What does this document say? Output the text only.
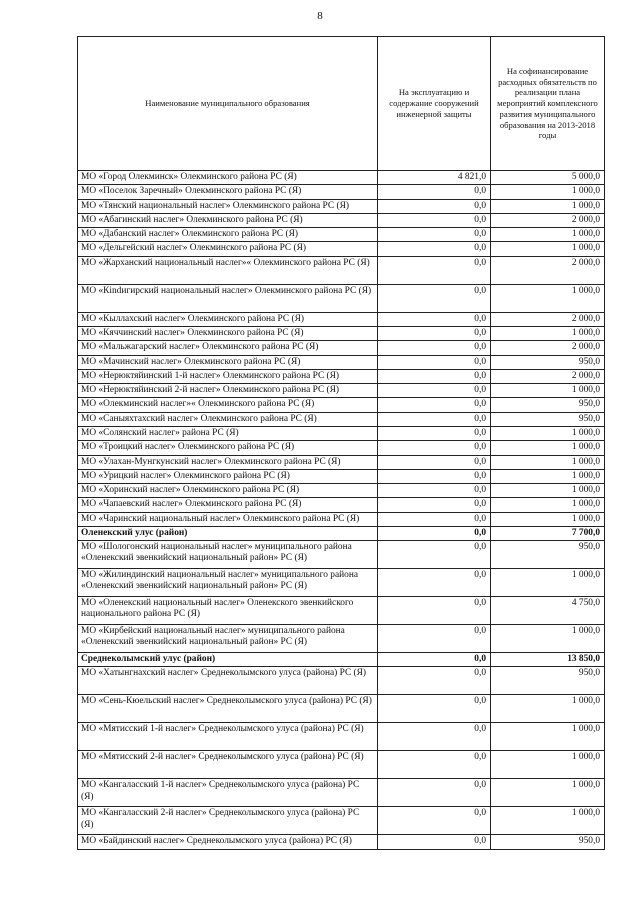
8
Наименование муниципального образования	На эксплуатацию и содержание сооружений инженерной защиты	На софинансирование расходных обязательств по реализации плана мероприятий комплексного развития муниципального образования на 2013-2018 годы
МО «Город Олекминск» Олекминского района РС (Я)	4 821,0	5 000,0
МО «Поселок Заречный» Олекминского района РС (Я)	0,0	1 000,0
МО «Тянский национальный наслег» Олекминского района РС (Я)	0,0	1 000,0
МО «Абагинский наслег» Олекминского района РС (Я)	0,0	2 000,0
МО «Дабанский наслег» Олекминского района РС (Я)	0,0	1 000,0
МО «Дельгейский наслег» Олекминского района РС (Я)	0,0	1 000,0
МО «Жарханский национальный наслег»« Олекминского района РС (Я)	0,0	2 000,0
МО «Кindигирский национальный наслег» Олекминского района РС (Я)	0,0	1 000,0
МО «Кыллахский наслег» Олекминского района РС (Я)	0,0	2 000,0
МО «Кяччинский наслег» Олекминского района РС (Я)	0,0	1 000,0
МО «Мальжагарский наслег» Олекминского района РС (Я)	0,0	2 000,0
МО «Мачинский наслег» Олекминского района РС (Я)	0,0	950,0
МО «Нерюктяйинский 1-й наслег» Олекминского района РС (Я)	0,0	2 000,0
МО «Нерюктяйинский 2-й наслег» Олекминского района РС (Я)	0,0	1 000,0
МО «Олекминский наслег»« Олекминского района РС (Я)	0,0	950,0
МО «Саныяхтахский наслег» Олекминского района РС (Я)	0,0	950,0
МО «Солянский наслег» района РС (Я)	0,0	1 000,0
МО «Троицкий наслег» Олекминского района РС (Я)	0,0	1 000,0
МО «Улахан-Мунгкунский наслег» Олекминского района РС (Я)	0,0	1 000,0
МО «Урицкий наслег» Олекминского района РС (Я)	0,0	1 000,0
МО «Хоринский наслег» Олекминского района РС (Я)	0,0	1 000,0
МО «Чапаевский наслег» Олекминского района РС (Я)	0,0	1 000,0
МО «Чаринский национальный наслег» Олекминского района РС (Я)	0,0	1 000,0
Оленекский улус (район)	0,0	7 700,0
МО «Шологонский национальный наслег» муниципального района «Оленекский эвенкийский национальный район» РС (Я)	0,0	950,0
МО «Жилиндинский национальный наслег» муниципального района «Оленекский эвенкийский национальный район» РС (Я)	0,0	1 000,0
МО «Оленекский национальный наслег» Оленекского эвенкийского национального района РС (Я)	0,0	4 750,0
МО «Кирбейский национальный наслег» муниципального района «Оленекский эвенкийский национальный район» РС (Я)	0,0	1 000,0
Среднеколымский улус (район)	0,0	13 850,0
МО «Хатынгнахский наслег» Среднеколымского улуса (района) РС (Я)	0,0	950,0
МО «Сень-Кюельский наслег» Среднеколымского улуса (района) РС (Я)	0,0	1 000,0
МО «Мятисский 1-й наслег» Среднеколымского улуса (района) РС (Я)	0,0	1 000,0
МО «Мятисский 2-й наслег» Среднеколымского улуса (района) РС (Я)	0,0	1 000,0
МО «Кангаласский 1-й наслег» Среднеколымского улуса (района) РС (Я)	0,0	1 000,0
МО «Кангаласский 2-й наслег» Среднеколымского улуса (района) РС (Я)	0,0	1 000,0
МО «Байдинский наслег» Среднеколымского улуса (района) РС (Я)	0,0	950,0
